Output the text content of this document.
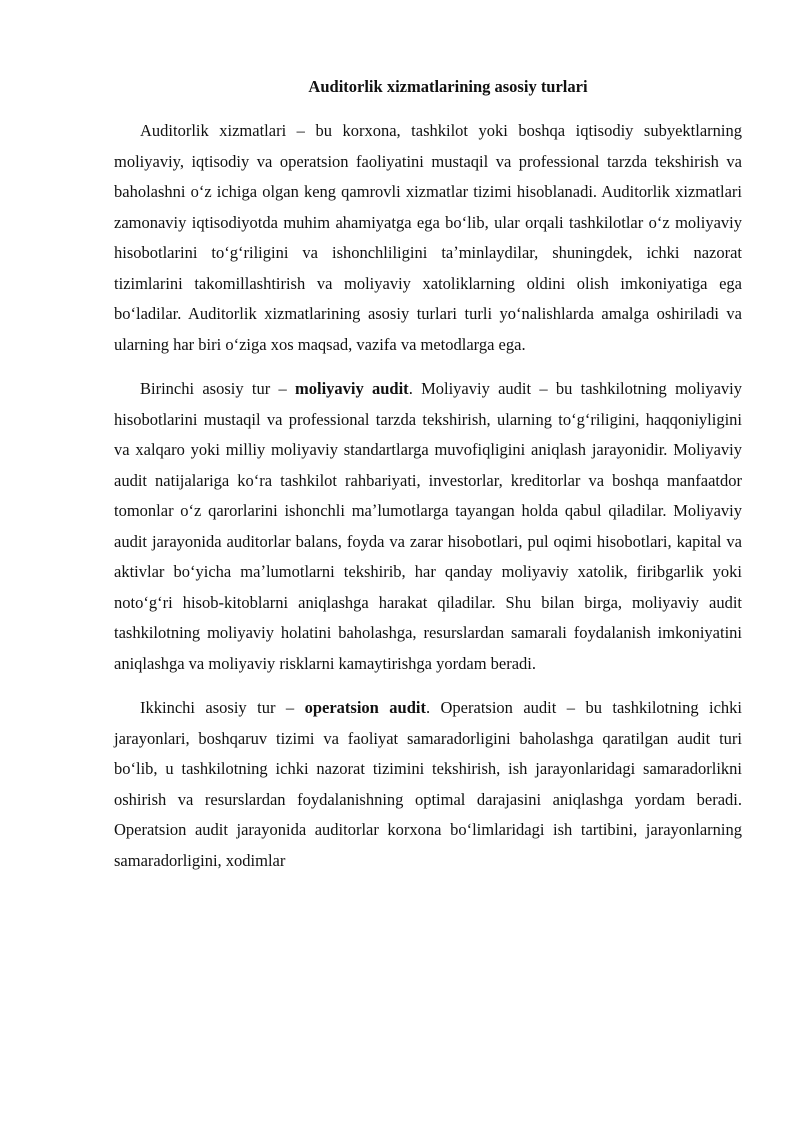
Auditorlik xizmatlarining asosiy turlari

Auditorlik xizmatlari – bu korxona, tashkilot yoki boshqa iqtisodiy subyektlarning moliyaviy, iqtisodiy va operatsion faoliyatini mustaqil va professional tarzda tekshirish va baholashni oʻz ichiga olgan keng qamrovli xizmatlar tizimi hisoblanadi. Auditorlik xizmatlari zamonaviy iqtisodiyotda muhim ahamiyatga ega boʻlib, ular orqali tashkilotlar oʻz moliyaviy hisobotlarini toʻgʻriligini va ishonchliligini taʼminlaydilar, shuningdek, ichki nazorat tizimlarini takomillashtirish va moliyaviy xatoliklarning oldini olish imkoniyatiga ega boʻladilar. Auditorlik xizmatlarining asosiy turlari turli yoʻnalishlarda amalga oshiriladi va ularning har biri oʻziga xos maqsad, vazifa va metodlarga ega.

Birinchi asosiy tur – moliyaviy audit. Moliyaviy audit – bu tashkilotning moliyaviy hisobotlarini mustaqil va professional tarzda tekshirish, ularning toʻgʻriligini, haqqoniyligini va xalqaro yoki milliy moliyaviy standartlarga muvofiqligini aniqlash jarayonidir. Moliyaviy audit natijalariga koʻra tashkilot rahbariyati, investorlar, kreditorlar va boshqa manfaatdor tomonlar oʻz qarorlarini ishonchli maʼlumotlarga tayangan holda qabul qiladilar. Moliyaviy audit jarayonida auditorlar balans, foyda va zarar hisobotlari, pul oqimi hisobotlari, kapital va aktivlar boʻyicha maʼlumotlarni tekshirib, har qanday moliyaviy xatolik, firibgarlik yoki notoʻgʻri hisob-kitoblarni aniqlashga harakat qiladilar. Shu bilan birga, moliyaviy audit tashkilotning moliyaviy holatini baholashga, resurslardan samarali foydalanish imkoniyatini aniqlashga va moliyaviy risklarni kamaytirishga yordam beradi.

Ikkinchi asosiy tur – operatsion audit. Operatsion audit – bu tashkilotning ichki jarayonlari, boshqaruv tizimi va faoliyat samaradorligini baholashga qaratilgan audit turi boʻlib, u tashkilotning ichki nazorat tizimini tekshirish, ish jarayonlaridagi samaradorlikni oshirish va resurslardan foydalanishning optimal darajasini aniqlashga yordam beradi. Operatsion audit jarayonida auditorlar korxona boʻlimlaridagi ish tartibini, jarayonlarning samaradorligini, xodimlar
